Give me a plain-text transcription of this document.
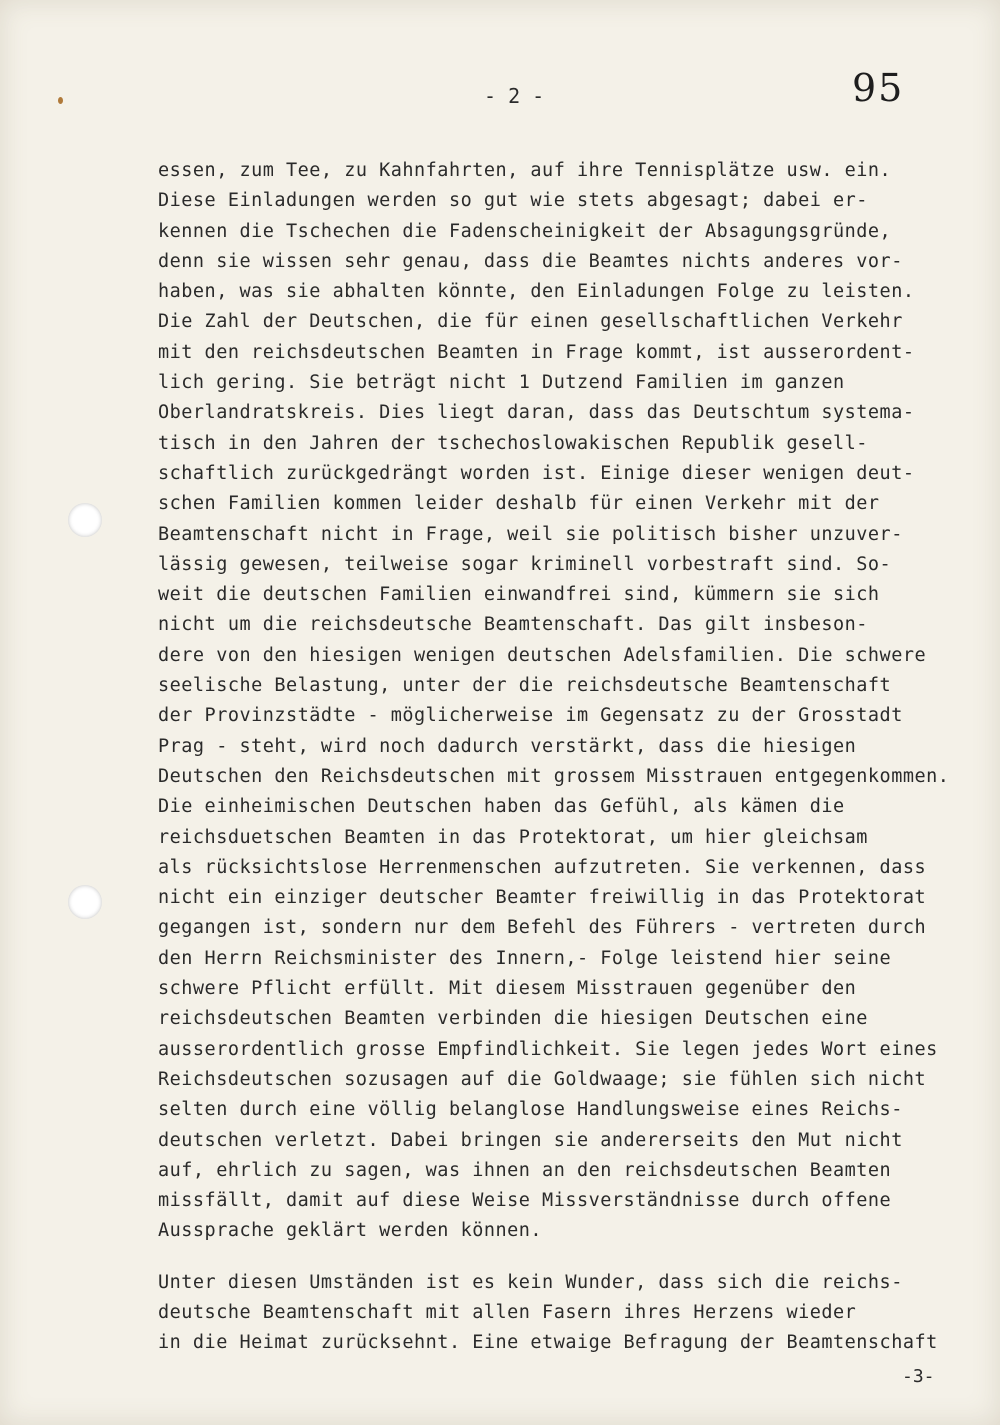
- 2 -	95
essen, zum Tee, zu Kahnfahrten, auf ihre Tennisplätze usw. ein.
Diese Einladungen werden so gut wie stets abgesagt; dabei er-
kennen die Tschechen die Fadenscheinigkeit der Absagungsgründe,
denn sie wissen sehr genau, dass die Beamtes nichts anderes vor-
haben, was sie abhalten könnte, den Einladungen Folge zu leisten.
Die Zahl der Deutschen, die für einen gesellschaftlichen Verkehr
mit den reichsdeutschen Beamten in Frage kommt, ist ausserordent-
lich gering. Sie beträgt nicht 1 Dutzend Familien im ganzen
Oberlandratskreis. Dies liegt daran, dass das Deutschtum systema-
tisch in den Jahren der tschechoslowakischen Republik gesell-
schaftlich zurückgedrängt worden ist. Einige dieser wenigen deut-
schen Familien kommen leider deshalb für einen Verkehr mit der
Beamtenschaft nicht in Frage, weil sie politisch bisher unzuver-
lässig gewesen, teilweise sogar kriminell vorbestraft sind. So-
weit die deutschen Familien einwandfrei sind, kümmern sie sich
nicht um die reichsdeutsche Beamtenschaft. Das gilt insbeson-
dere von den hiesigen wenigen deutschen Adelsfamilien. Die schwere
seelische Belastung, unter der die reichsdeutsche Beamtenschaft
der Provinzstädte - möglicherweise im Gegensatz zu der Grosstadt
Prag - steht, wird noch dadurch verstärkt, dass die hiesigen
Deutschen den Reichsdeutschen mit grossem Misstrauen entgegenkommen.
Die einheimischen Deutschen haben das Gefühl, als kämen die
reichsduetschen Beamten in das Protektorat, um hier gleichsam
als rücksichtslose Herrenmenschen aufzutreten. Sie verkennen, dass
nicht ein einziger deutscher Beamter freiwillig in das Protektorat
gegangen ist, sondern nur dem Befehl des Führers - vertreten durch
den Herrn Reichsminister des Innern,- Folge leistend hier seine
schwere Pflicht erfüllt. Mit diesem Misstrauen gegenüber den
reichsdeutschen Beamten verbinden die hiesigen Deutschen eine
ausserordentlich grosse Empfindlichkeit. Sie legen jedes Wort eines
Reichsdeutschen sozusagen auf die Goldwaage; sie fühlen sich nicht
selten durch eine völlig belanglose Handlungsweise eines Reichs-
deutschen verletzt. Dabei bringen sie andererseits den Mut nicht
auf, ehrlich zu sagen, was ihnen an den reichsdeutschen Beamten
missfällt, damit auf diese Weise Missverständnisse durch offene
Aussprache geklärt werden können.
Unter diesen Umständen ist es kein Wunder, dass sich die reichs-
deutsche Beamtenschaft mit allen Fasern ihres Herzens wieder
in die Heimat zurücksehnt. Eine etwaige Befragung der Beamtenschaft
-3-
